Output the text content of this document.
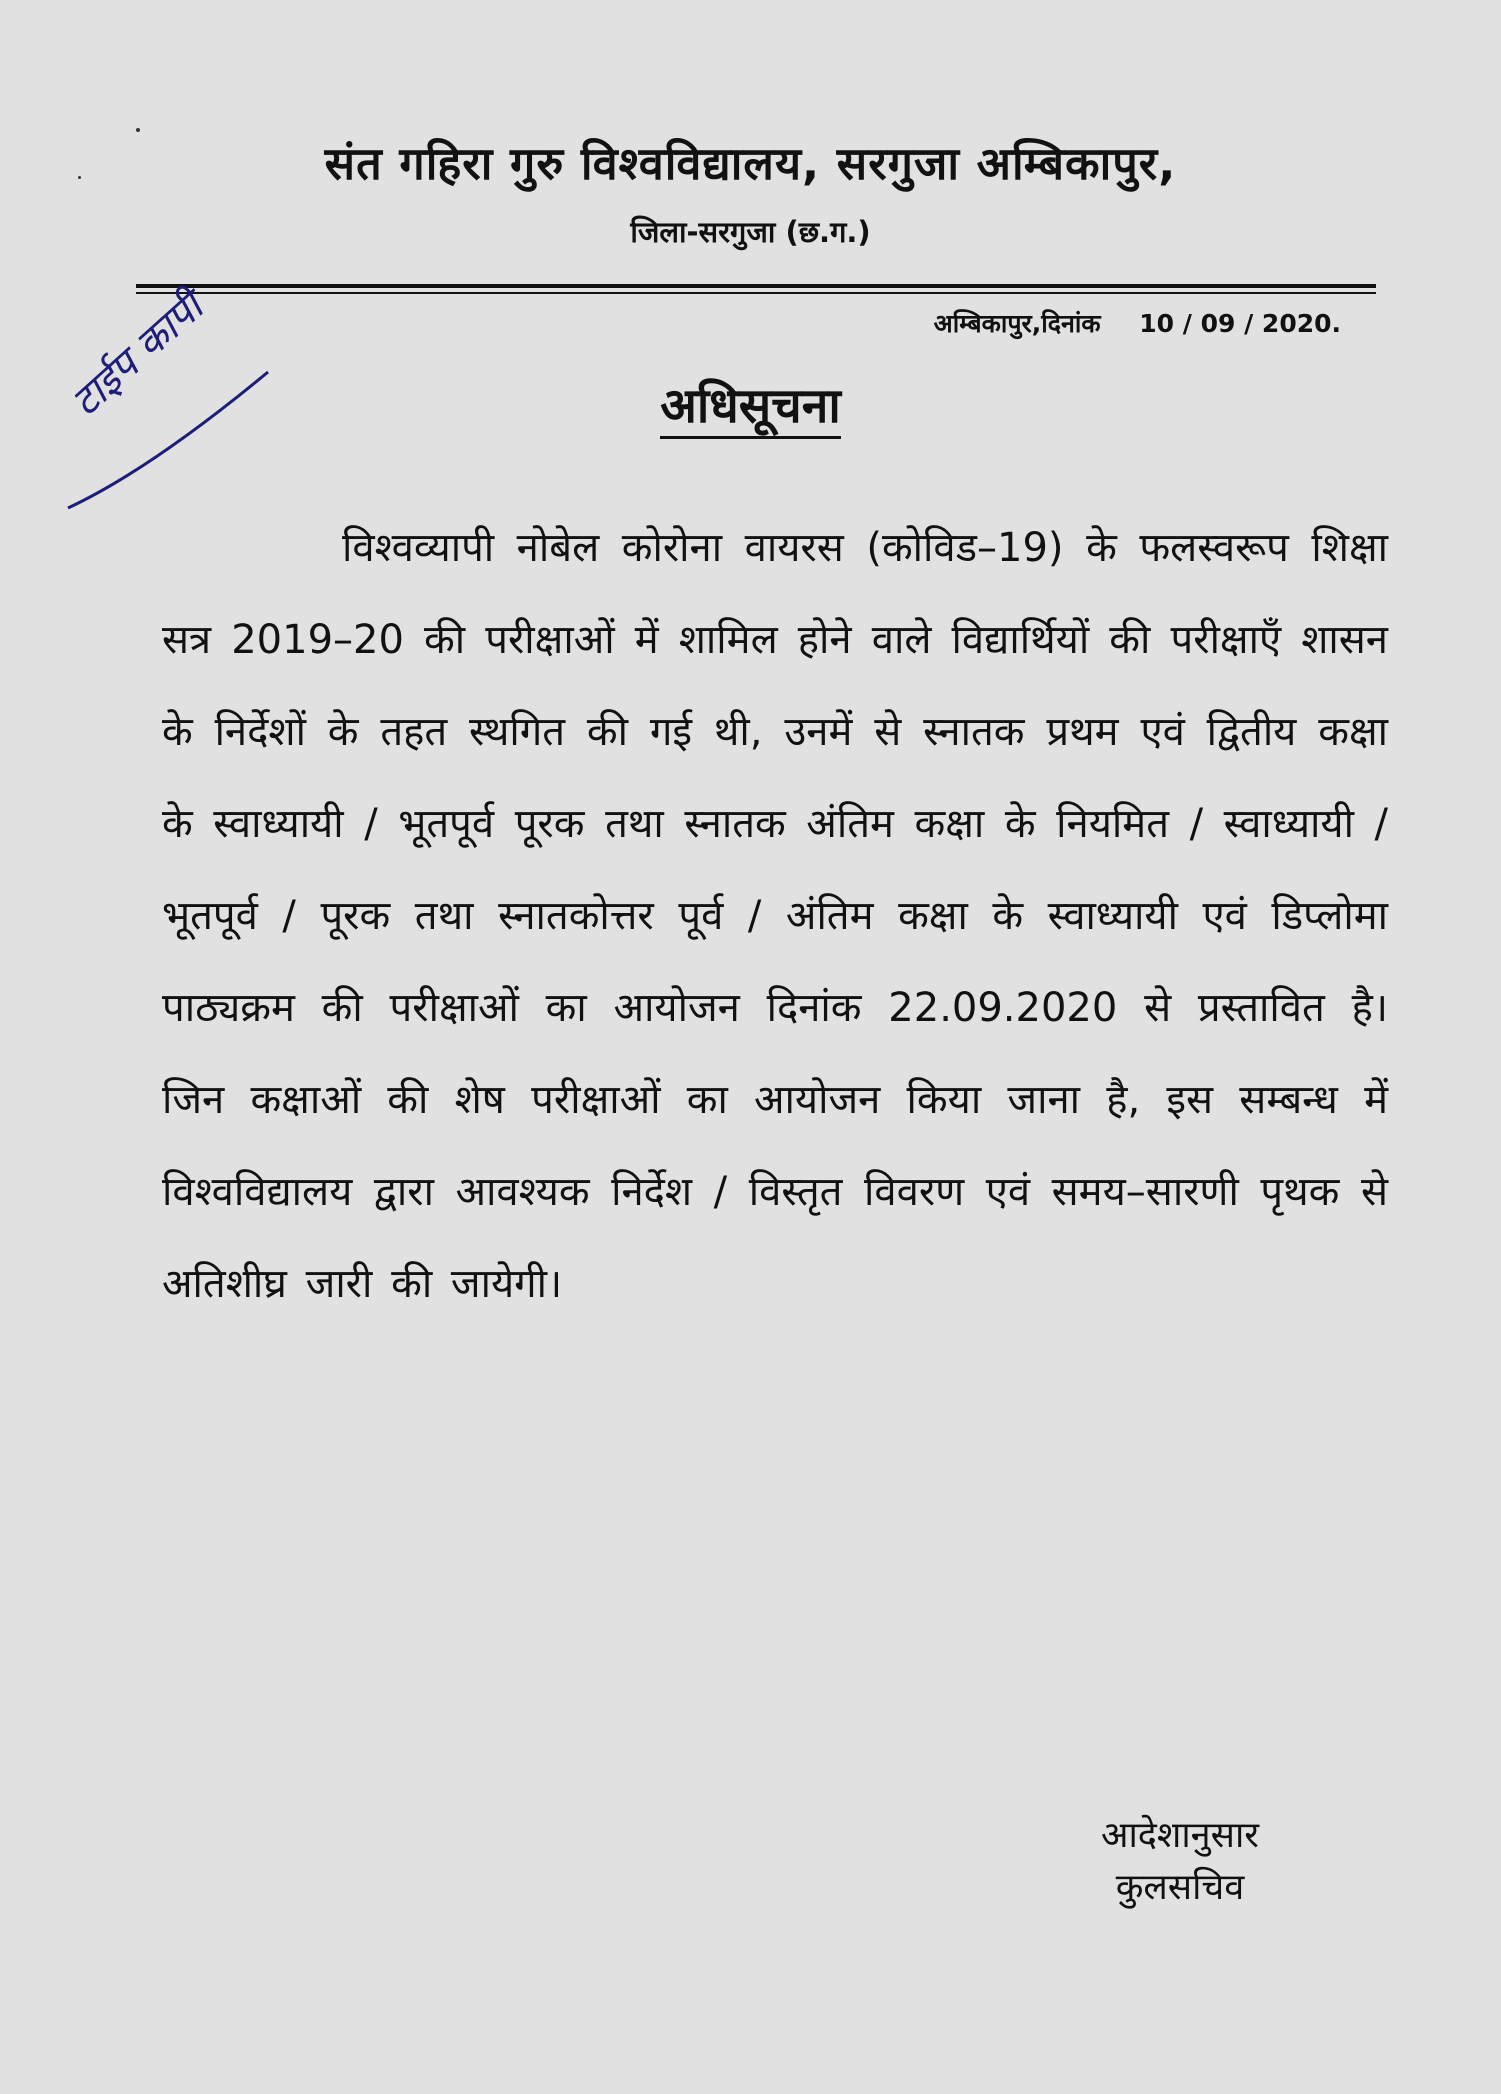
संत गहिरा गुरु विश्वविद्यालय, सरगुजा अम्बिकापुर,
जिला-सरगुजा (छ.ग.)
अम्बिकापुर,दिनांक 10 / 09 / 2020.
टाईप कापी	अधिसूचना
विश्वव्यापी नोबेल कोरोना वायरस (कोविड–19) के फलस्वरूप शिक्षा सत्र 2019–20 की परीक्षाओं में शामिल होने वाले विद्यार्थियों की परीक्षाएँ शासन के निर्देशों के तहत स्थगित की गई थी, उनमें से स्नातक प्रथम एवं द्वितीय कक्षा के स्वाध्यायी / भूतपूर्व पूरक तथा स्नातक अंतिम कक्षा के नियमित / स्वाध्यायी / भूतपूर्व / पूरक तथा स्नातकोत्तर पूर्व / अंतिम कक्षा के स्वाध्यायी एवं डिप्लोमा पाठ्यक्रम की परीक्षाओं का आयोजन दिनांक 22.09.2020 से प्रस्तावित है। जिन कक्षाओं की शेष परीक्षाओं का आयोजन किया जाना है, इस सम्बन्ध में विश्वविद्यालय द्वारा आवश्यक निर्देश / विस्तृत विवरण एवं समय–सारणी पृथक से अतिशीघ्र जारी की जायेगी।
आदेशानुसार
कुलसचिव
